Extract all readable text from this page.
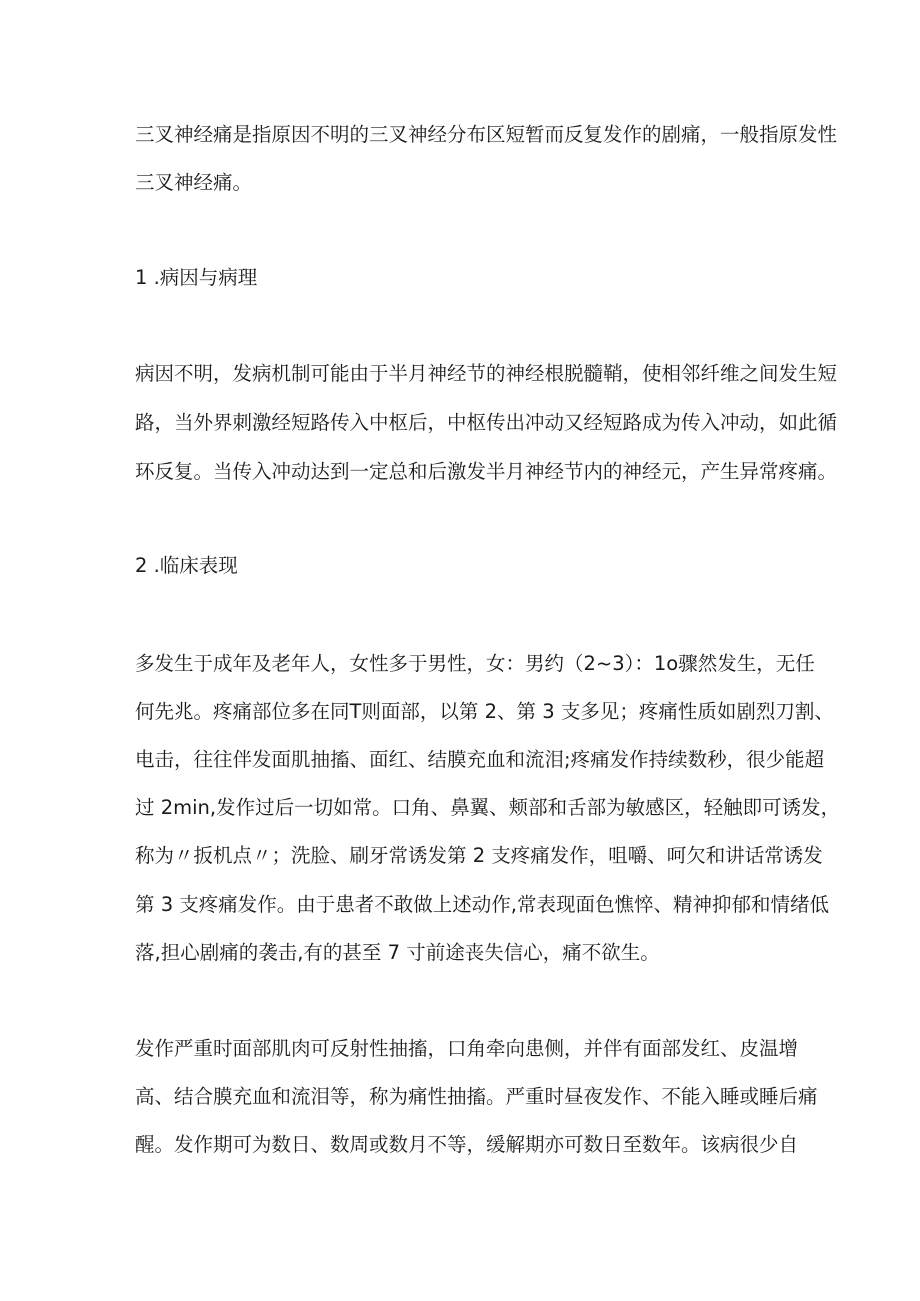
三叉神经痛是指原因不明的三叉神经分布区短暂而反复发作的剧痛，一般指原发性
三叉神经痛。
1 .病因与病理
病因不明，发病机制可能由于半月神经节的神经根脱髓鞘，使相邻纤维之间发生短
路，当外界刺激经短路传入中枢后，中枢传出冲动又经短路成为传入冲动，如此循
环反复。当传入冲动达到一定总和后激发半月神经节内的神经元，产生异常疼痛。
2 .临床表现
多发生于成年及老年人，女性多于男性，女：男约（2~3）：1o骤然发生，无任
何先兆。疼痛部位多在同T则面部，以第 2、第 3 支多见；疼痛性质如剧烈刀割、
电击，往往伴发面肌抽搐、面红、结膜充血和流泪;疼痛发作持续数秒，很少能超
过 2min,发作过后一切如常。口角、鼻翼、颊部和舌部为敏感区，轻触即可诱发，
称为〃扳机点〃；洗脸、刷牙常诱发第 2 支疼痛发作，咀嚼、呵欠和讲话常诱发
第 3 支疼痛发作。由于患者不敢做上述动作,常表现面色憔悴、精神抑郁和情绪低
落,担心剧痛的袭击,有的甚至 7 寸前途丧失信心，痛不欲生。
发作严重时面部肌肉可反射性抽搐，口角牵向患侧，并伴有面部发红、皮温增
高、结合膜充血和流泪等，称为痛性抽搐。严重时昼夜发作、不能入睡或睡后痛
醒。发作期可为数日、数周或数月不等，缓解期亦可数日至数年。该病很少自
